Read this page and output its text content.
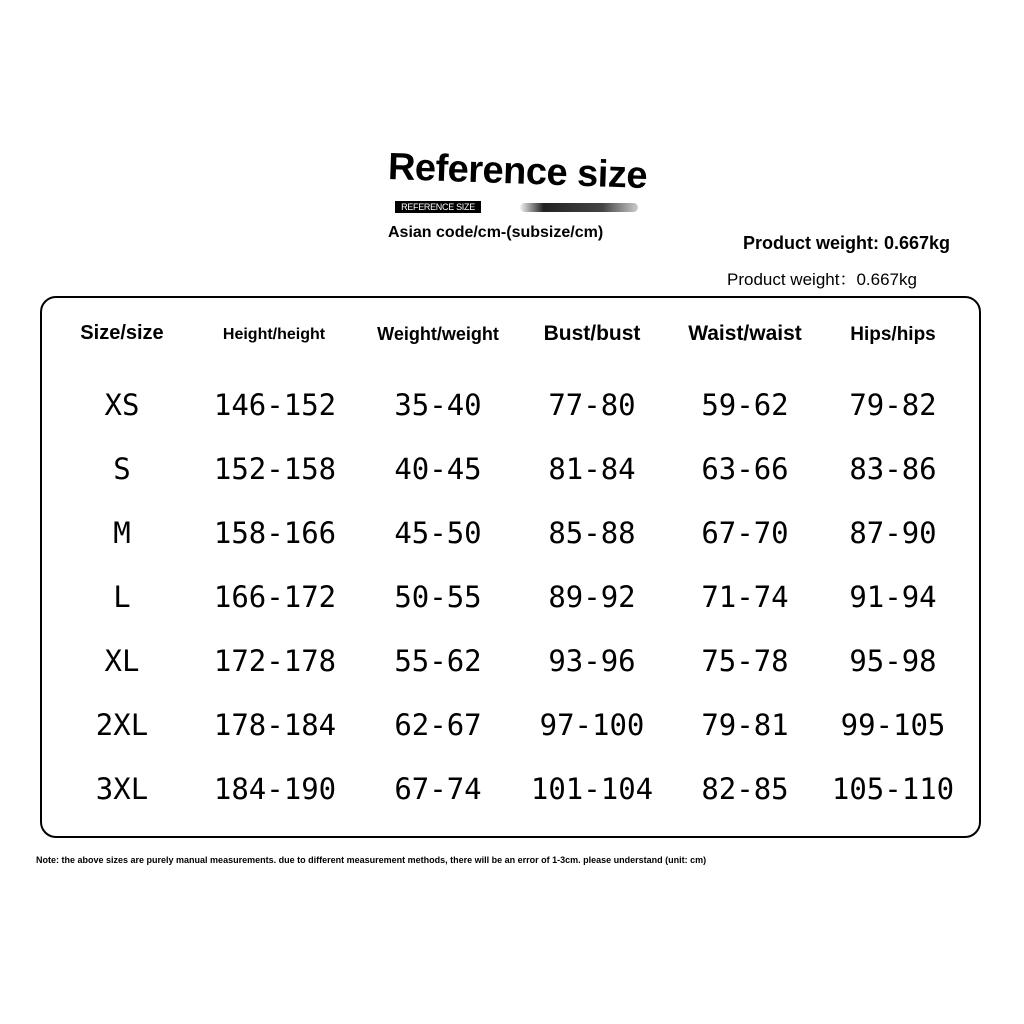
Reference size
REFERENCE SIZE
Asian code/cm-(subsize/cm)
Product weight: 0.667kg
Product weight：0.667kg
Size/size	Height/height	Weight/weight Bust/bust Waist/waist	Hips/hips
XS	146-152 35-40 77-80 59-62 79-82
S	152-158 40-45 81-84 63-66 83-86
M	158-166 45-50 85-88 67-70 87-90
L	166-172 50-55 89-92 71-74 91-94
XL	172-178 55-62 93-96 75-78 95-98
2XL 178-184 62-67 97-100 79-81 99-105
3XL 184-190 67-74 101-104 82-85 105-110
Note: the above sizes are purely manual measurements. due to different measurement methods, there will be an error of 1-3cm. please understand (unit: cm)
